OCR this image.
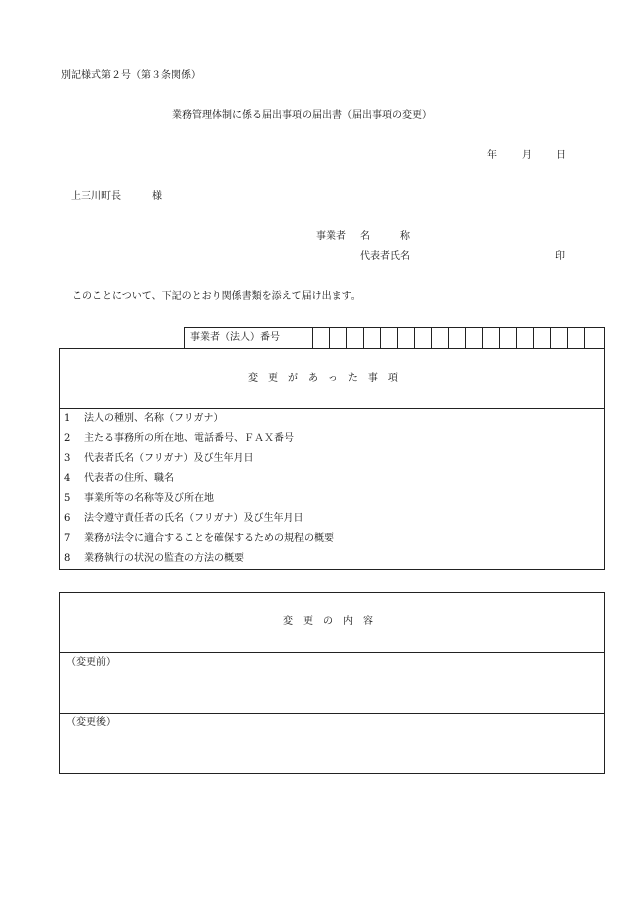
別記様式第２号（第３条関係）
業務管理体制に係る届出事項の届出書（届出事項の変更）
年	月 日
上三川町長	様
事業者 名　　　称
代表者氏名	印
このことについて、下記のとおり関係書類を添えて届け出ます。
事業者（法人）番号
変更があった事項
1 法人の種別、名称（フリガナ）
2 主たる事務所の所在地、電話番号、ＦＡＸ番号
3 代表者氏名（フリガナ）及び生年月日
4 代表者の住所、職名
5 事業所等の名称等及び所在地
6 法令遵守責任者の氏名（フリガナ）及び生年月日
7 業務が法令に適合することを確保するための規程の概要
8 業務執行の状況の監査の方法の概要
変更の内容
（変更前）
（変更後）
